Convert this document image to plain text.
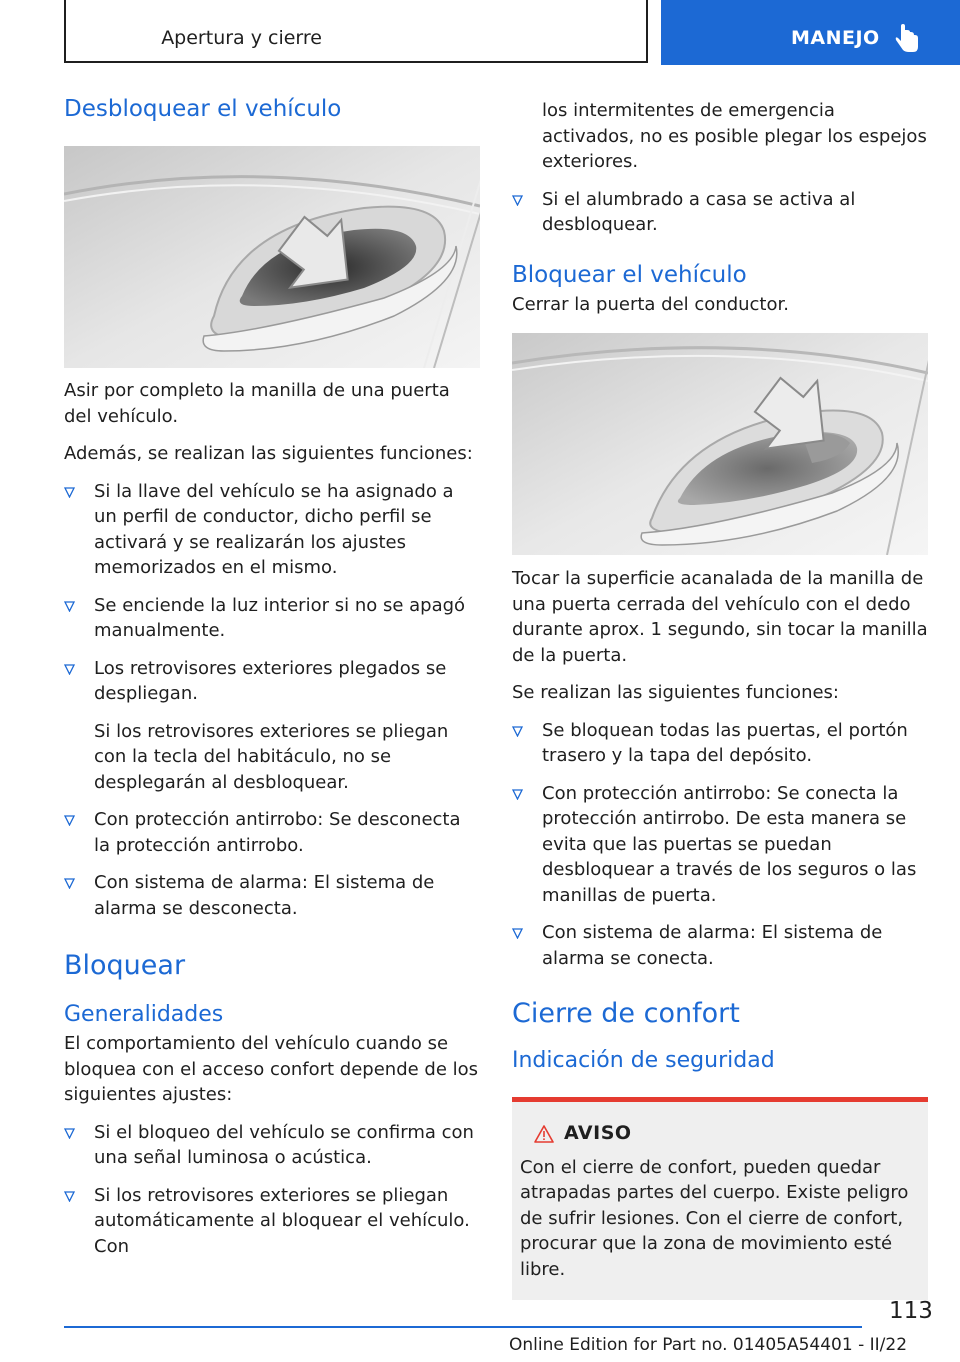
Apertura y cierre	MANEJO
Desbloquear el vehículo

Asir por completo la manilla de una puerta del vehículo.

Además, se realizan las siguientes funciones:

Si la llave del vehículo se ha asignado a un perfil de conductor, dicho perfil se activará y se realizarán los ajustes memorizados en el mismo.
Se enciende la luz interior si no se apagó manualmente.
Los retrovisores exteriores plegados se despliegan.
Si los retrovisores exteriores se pliegan con la tecla del habitáculo, no se desplegarán al desbloquear.
Con protección antirrobo: Se desconecta la protección antirrobo.
Con sistema de alarma: El sistema de alarma se desconecta.
Bloquear
Generalidades

El comportamiento del vehículo cuando se bloquea con el acceso confort depende de los siguientes ajustes:

Si el bloqueo del vehículo se confirma con una señal luminosa o acústica.
Si los retrovisores exteriores se pliegan automáticamente al bloquear el vehículo. Con

los intermitentes de emergencia activados, no es posible plegar los espejos exteriores.

Si el alumbrado a casa se activa al desbloquear.
Bloquear el vehículo

Cerrar la puerta del conductor.

Tocar la superficie acanalada de la manilla de una puerta cerrada del vehículo con el dedo durante aprox. 1 segundo, sin tocar la manilla de la puerta.

Se realizan las siguientes funciones:

Se bloquean todas las puertas, el portón trasero y la tapa del depósito.
Con protección antirrobo: Se conecta la protección antirrobo. De esta manera se evita que las puertas se puedan desbloquear a través de los seguros o las manillas de puerta.
Con sistema de alarma: El sistema de alarma se conecta.
Cierre de confort
Indicación de seguridad
AVISO

Con el cierre de confort, pueden quedar atrapadas partes del cuerpo. Existe peligro de sufrir lesiones. Con el cierre de confort, procurar que la zona de movimiento esté libre.

113
Online Edition for Part no. 01405A54401 - II/22
